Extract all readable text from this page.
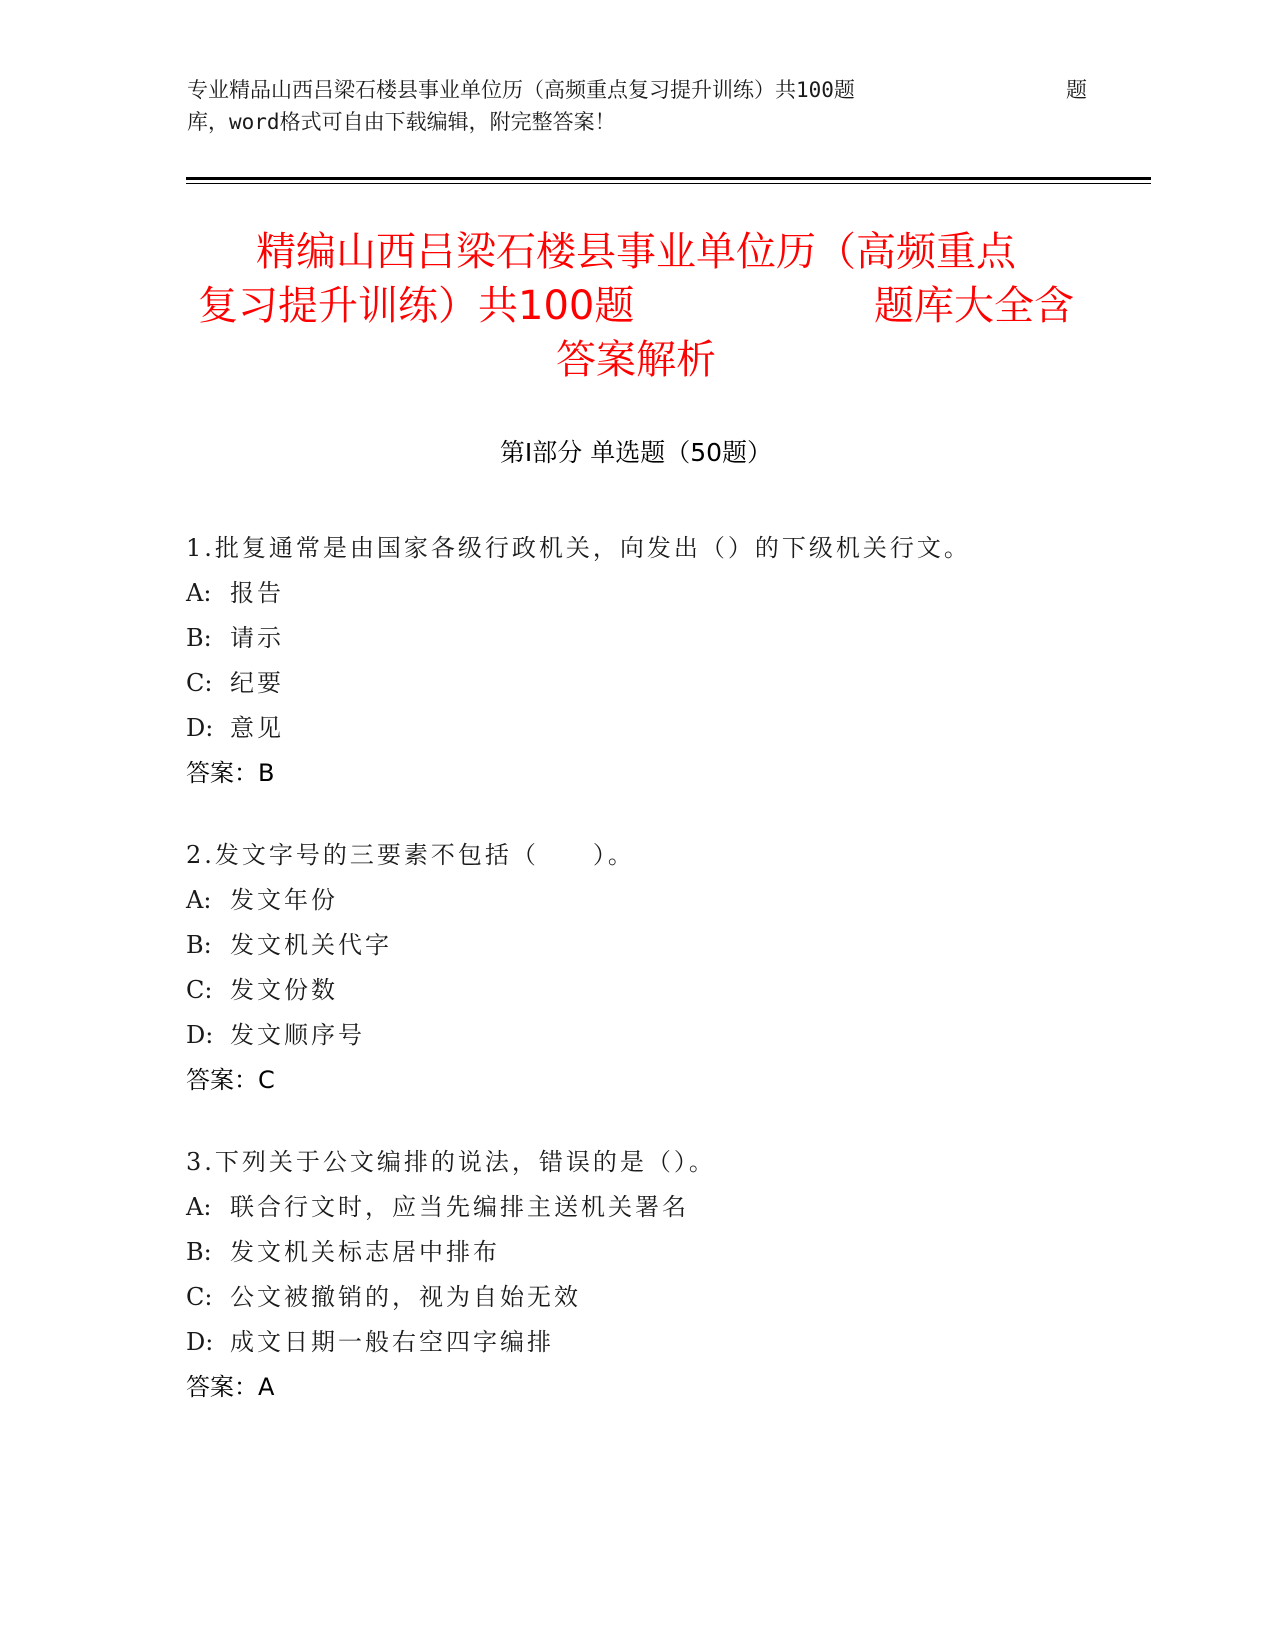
专业精品山西吕梁石楼县事业单位历（高频重点复习提升训练）共100题	题
库，word格式可自由下载编辑，附完整答案！
精编山西吕梁石楼县事业单位历（高频重点
复习提升训练）共100题	题库大全含
答案解析
第Ⅰ部分 单选题（50题）
1.批复通常是由国家各级行政机关，向发出（）的下级机关行文。
A: 报告
B: 请示
C: 纪要
D: 意见
答案：B
2.发文字号的三要素不包括（　　）。
A: 发文年份
B: 发文机关代字
C: 发文份数
D: 发文顺序号
答案：C
3.下列关于公文编排的说法，错误的是（）。
A: 联合行文时，应当先编排主送机关署名
B: 发文机关标志居中排布
C: 公文被撤销的，视为自始无效
D: 成文日期一般右空四字编排
答案：A
